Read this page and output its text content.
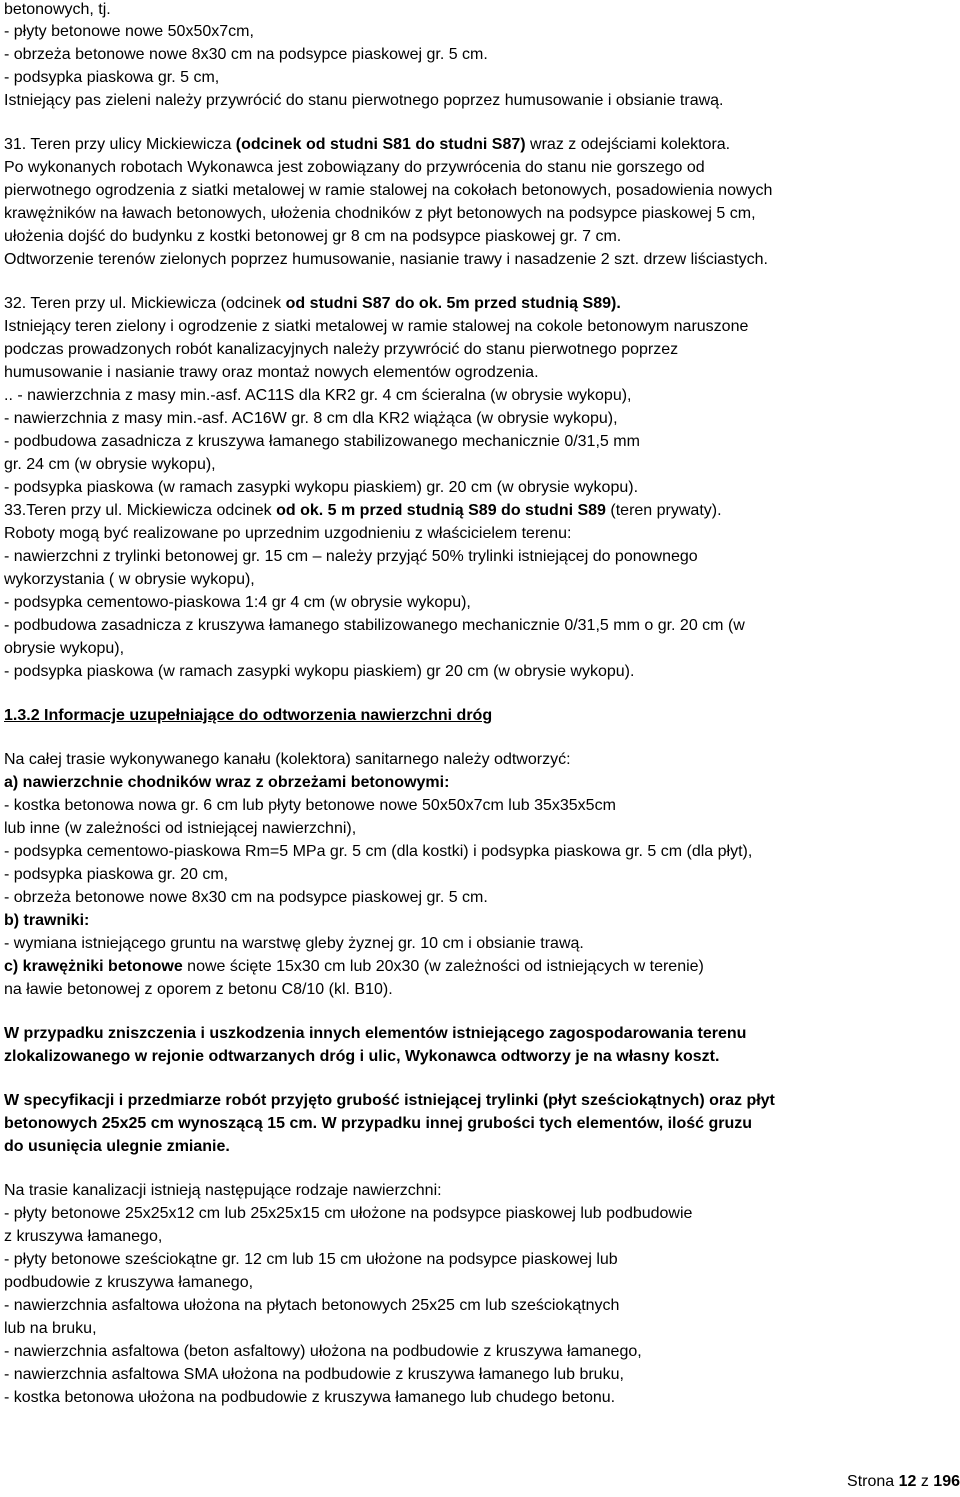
betonowych, tj.
- płyty betonowe nowe 50x50x7cm,
- obrzeża betonowe nowe 8x30 cm na podsypce piaskowej gr. 5 cm.
- podsypka piaskowa gr. 5 cm,
Istniejący pas zieleni należy przywrócić do stanu pierwotnego poprzez humusowanie i obsianie trawą.
31. Teren przy ulicy Mickiewicza (odcinek od studni S81 do studni S87) wraz z odejściami kolektora.
Po wykonanych robotach Wykonawca jest zobowiązany do przywrócenia do stanu nie gorszego od
pierwotnego ogrodzenia z siatki metalowej w ramie stalowej na cokołach betonowych, posadowienia nowych
krawężników na ławach betonowych, ułożenia chodników z płyt betonowych na podsypce piaskowej 5 cm,
ułożenia dojść do budynku z kostki betonowej gr 8 cm na podsypce piaskowej gr. 7 cm.
Odtworzenie terenów zielonych poprzez humusowanie, nasianie trawy i nasadzenie 2 szt. drzew liściastych.
32. Teren przy ul. Mickiewicza (odcinek od studni S87 do ok. 5m przed studnią S89).
Istniejący teren zielony i ogrodzenie z siatki metalowej w ramie stalowej na cokole betonowym naruszone
podczas prowadzonych robót kanalizacyjnych należy przywrócić do stanu pierwotnego poprzez
humusowanie i nasianie trawy oraz montaż nowych elementów ogrodzenia.
.. - nawierzchnia z masy min.-asf. AC11S dla KR2 gr. 4 cm ścieralna (w obrysie wykopu),
- nawierzchnia z masy min.-asf. AC16W gr. 8 cm dla KR2 wiążąca (w obrysie wykopu),
- podbudowa zasadnicza z kruszywa łamanego stabilizowanego mechanicznie 0/31,5 mm
gr. 24 cm (w obrysie wykopu),
- podsypka piaskowa (w ramach zasypki wykopu piaskiem) gr. 20 cm (w obrysie wykopu).
33.Teren przy ul. Mickiewicza odcinek od ok. 5 m przed studnią S89 do studni S89 (teren prywaty).
Roboty mogą być realizowane po uprzednim uzgodnieniu z właścicielem terenu:
- nawierzchni z trylinki betonowej gr. 15 cm – należy przyjąć 50% trylinki istniejącej do ponownego
wykorzystania ( w obrysie wykopu),
- podsypka cementowo-piaskowa 1:4 gr 4 cm (w obrysie wykopu),
- podbudowa zasadnicza z kruszywa łamanego stabilizowanego mechanicznie 0/31,5 mm o gr. 20 cm (w
obrysie wykopu),
- podsypka piaskowa (w ramach zasypki wykopu piaskiem) gr 20 cm (w obrysie wykopu).
1.3.2 Informacje uzupełniające do odtworzenia nawierzchni dróg
Na całej trasie wykonywanego kanału (kolektora) sanitarnego należy odtworzyć:
a) nawierzchnie chodników wraz z obrzeżami betonowymi:
- kostka betonowa nowa gr. 6 cm lub płyty betonowe nowe 50x50x7cm lub 35x35x5cm
lub inne (w zależności od istniejącej nawierzchni),
- podsypka cementowo-piaskowa Rm=5 MPa gr. 5 cm (dla kostki) i podsypka piaskowa gr. 5 cm (dla płyt),
- podsypka piaskowa gr. 20 cm,
- obrzeża betonowe nowe 8x30 cm na podsypce piaskowej gr. 5 cm.
b) trawniki:
- wymiana istniejącego gruntu na warstwę gleby żyznej gr. 10 cm i obsianie trawą.
c) krawężniki betonowe nowe ścięte 15x30 cm lub 20x30 (w zależności od istniejących w terenie)
na ławie betonowej z oporem z betonu C8/10 (kl. B10).
W przypadku zniszczenia i uszkodzenia innych elementów istniejącego zagospodarowania terenu
zlokalizowanego w rejonie odtwarzanych dróg i ulic, Wykonawca odtworzy je na własny koszt.
W specyfikacji i przedmiarze robót przyjęto grubość istniejącej trylinki (płyt sześciokątnych) oraz płyt
betonowych 25x25 cm wynoszącą 15 cm. W przypadku innej grubości tych elementów, ilość gruzu
do usunięcia ulegnie zmianie.
Na trasie kanalizacji istnieją następujące rodzaje nawierzchni:
- płyty betonowe 25x25x12 cm lub 25x25x15 cm ułożone na podsypce piaskowej lub podbudowie
z kruszywa łamanego,
- płyty betonowe sześciokątne gr. 12 cm lub 15 cm ułożone na podsypce piaskowej lub
podbudowie z kruszywa łamanego,
- nawierzchnia asfaltowa ułożona na płytach betonowych 25x25 cm lub sześciokątnych
lub na bruku,
- nawierzchnia asfaltowa (beton asfaltowy) ułożona na podbudowie z kruszywa łamanego,
- nawierzchnia asfaltowa SMA ułożona na podbudowie z kruszywa łamanego lub bruku,
- kostka betonowa ułożona na podbudowie z kruszywa łamanego lub chudego betonu.
Strona 12 z 196
